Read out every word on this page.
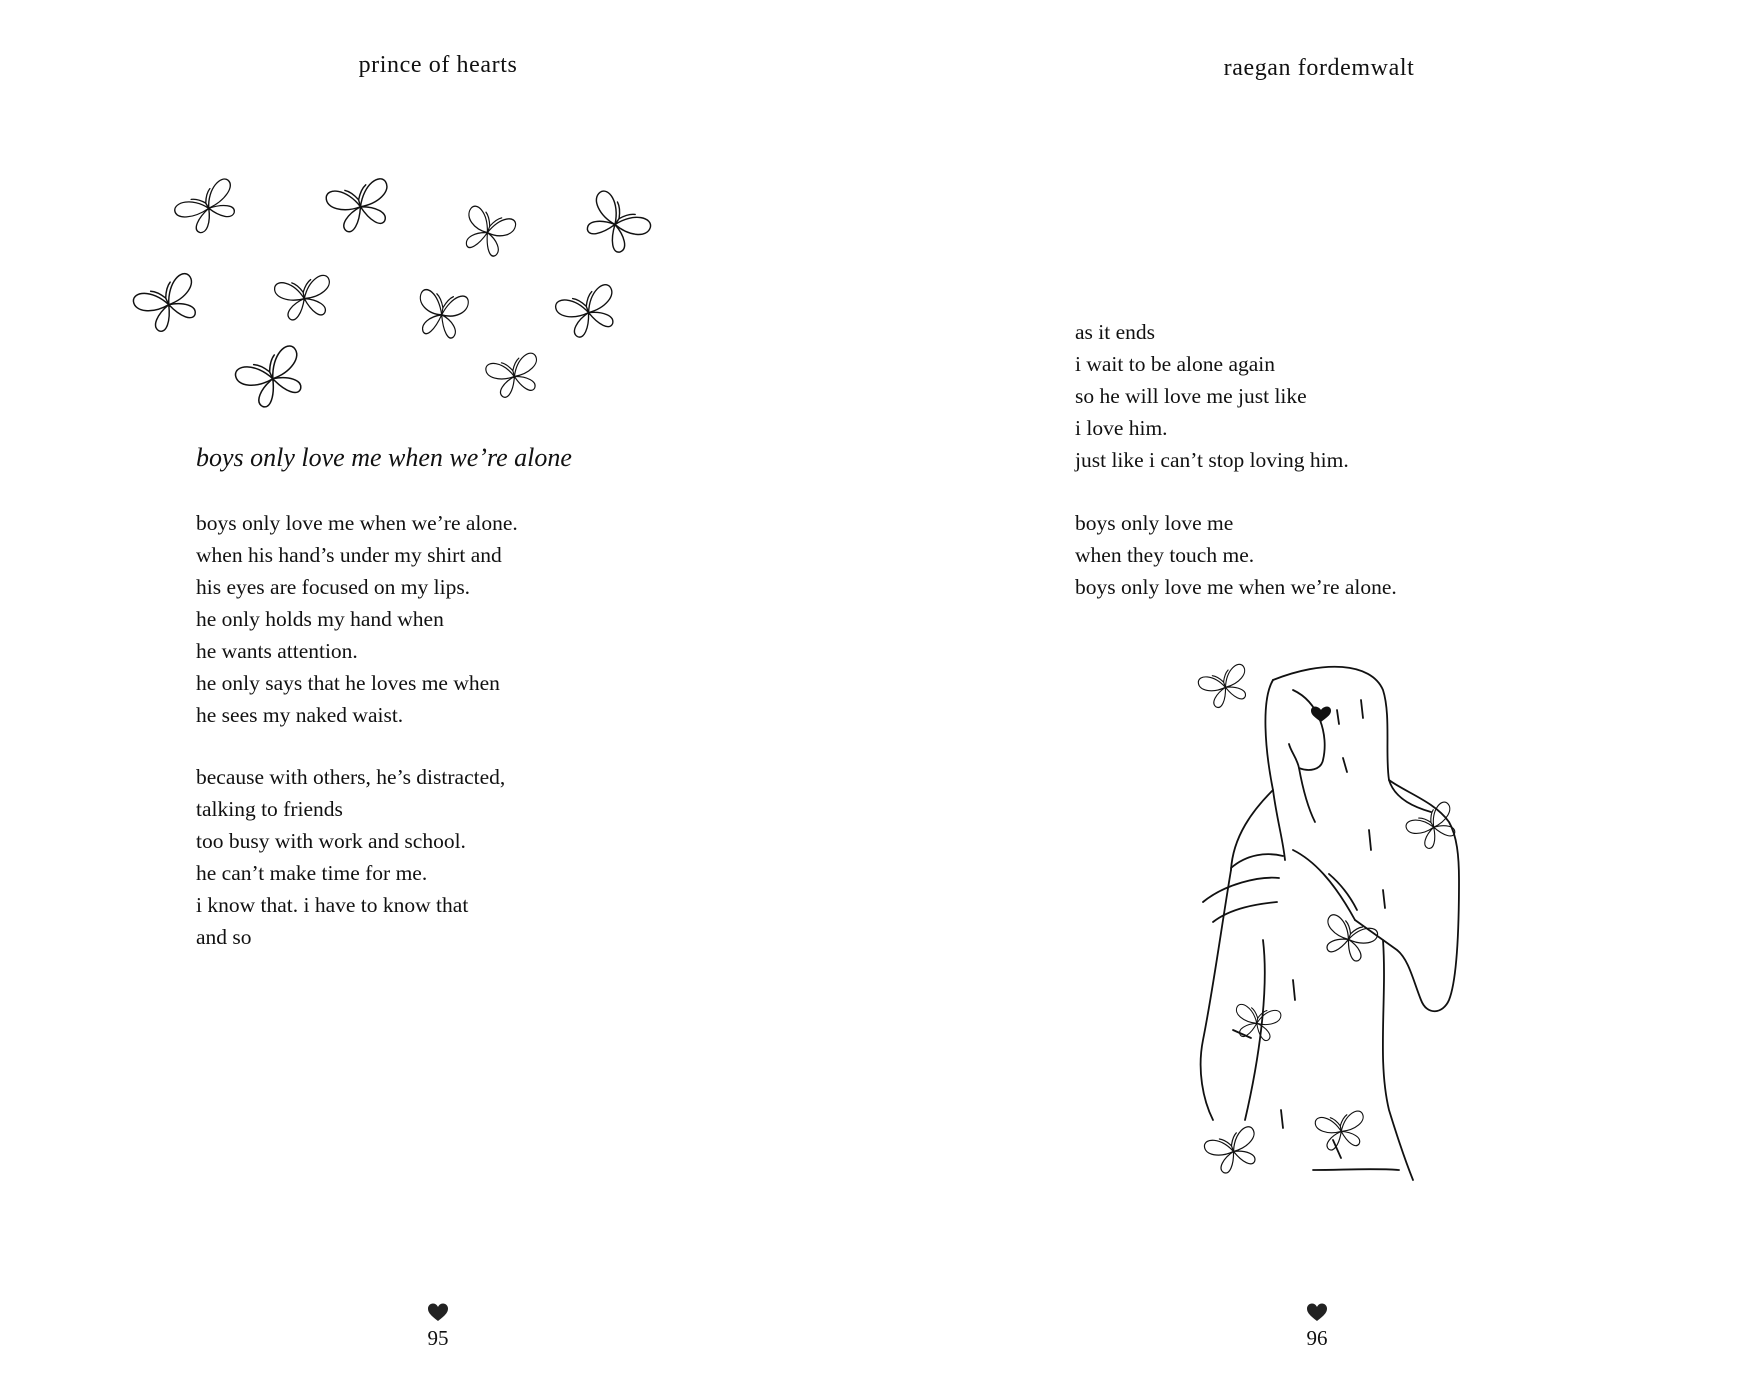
prince of hearts
boys only love me when we’re alone
boys only love me when we’re alone.
when his hand’s under my shirt and
his eyes are focused on my lips.
he only holds my hand when
he wants attention.
he only says that he loves me when
he sees my naked waist.
because with others, he’s distracted,
talking to friends
too busy with work and school.
he can’t make time for me.
i know that. i have to know that
and so
95
raegan fordemwalt
as it ends
i wait to be alone again
so he will love me just like
i love him.
just like i can’t stop loving him.
boys only love me
when they touch me.
boys only love me when we’re alone.
96
